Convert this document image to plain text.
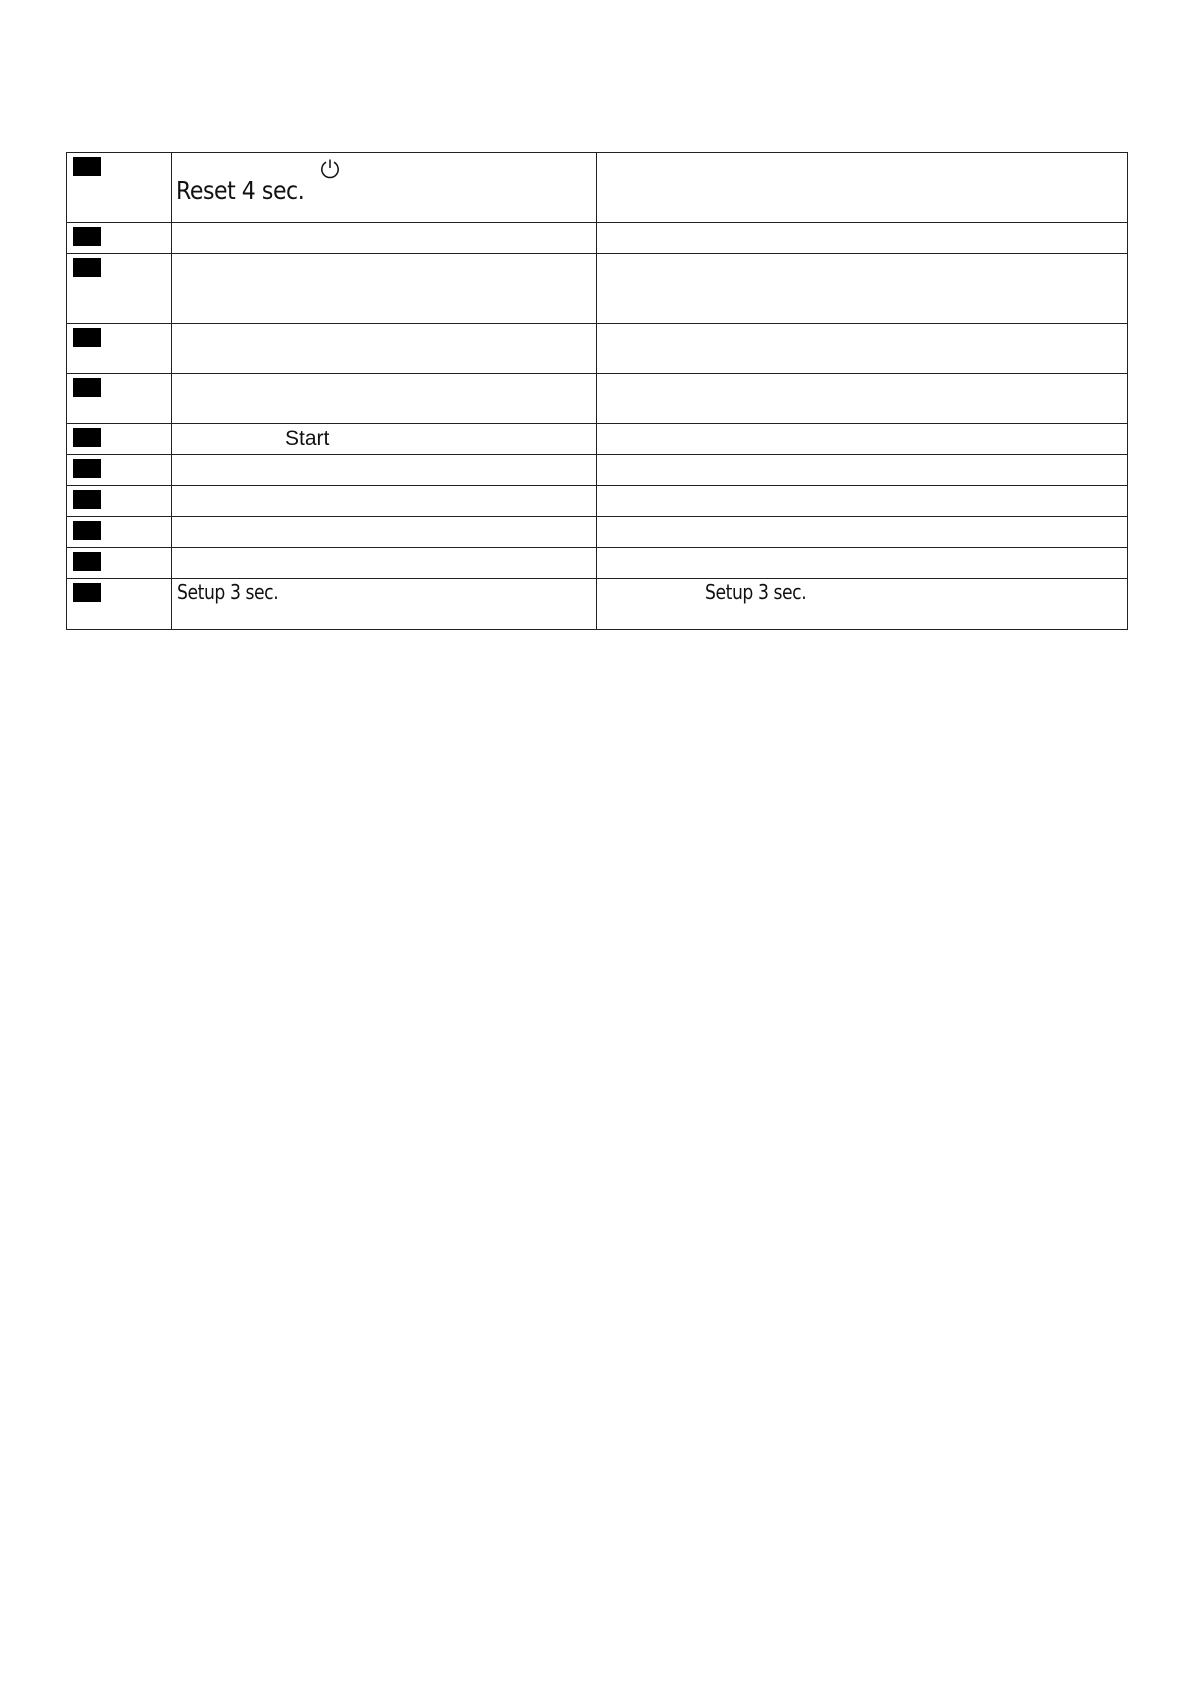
	Reset 4 sec.	

	Start	

	Setup 3 sec.	Setup 3 sec.
